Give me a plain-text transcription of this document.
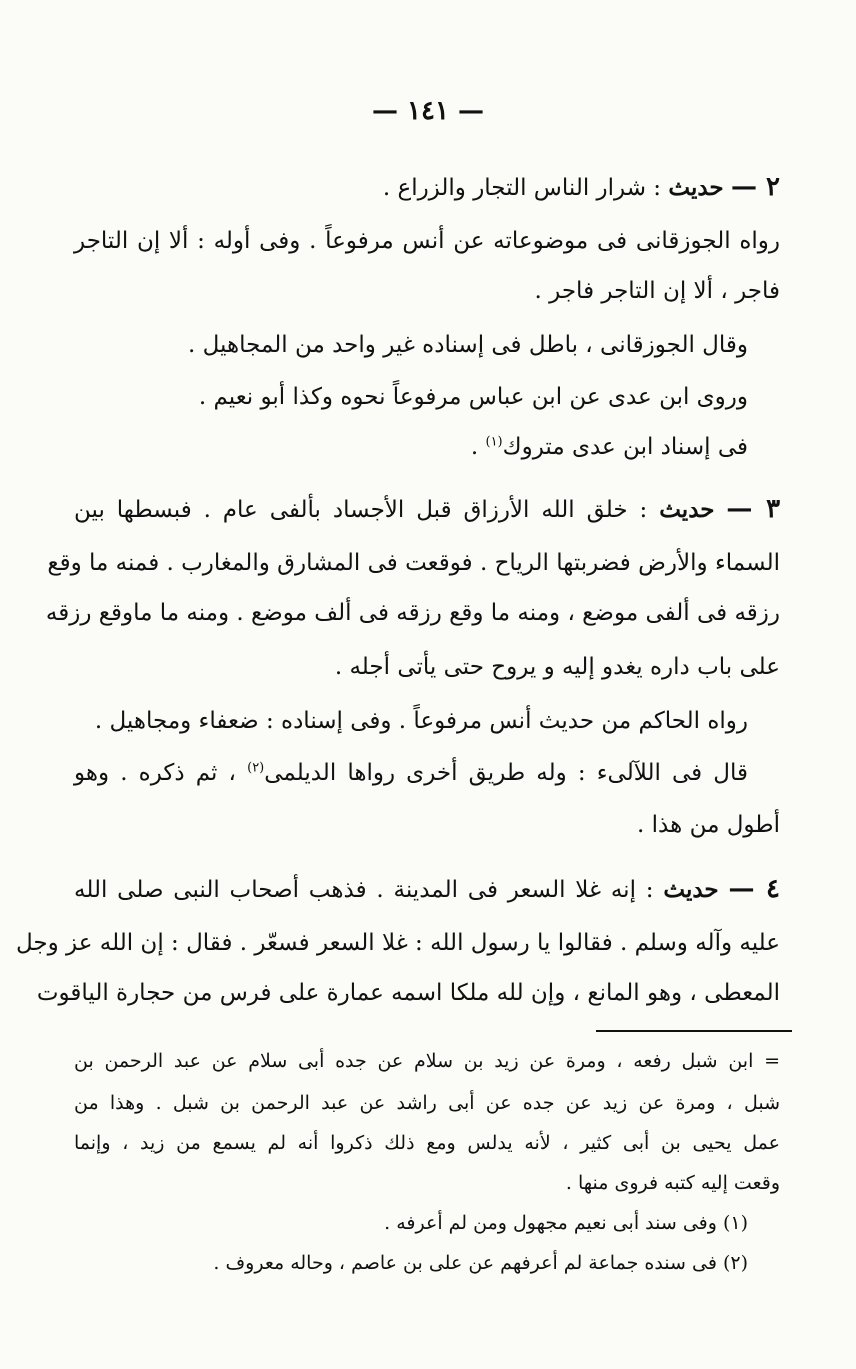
— ١٤١ —
٢ — حديث : شرار الناس التجار والزراع .
رواه الجوزقانى فى موضوعاته عن أنس مرفوعاً . وفى أوله : ألا إن التاجر
فاجر ، ألا إن التاجر فاجر .
وقال الجوزقانى ، باطل فى إسناده غير واحد من المجاهيل .
وروى ابن عدى عن ابن عباس مرفوعاً نحوه وكذا أبو نعيم .
فى إسناد ابن عدى متروك$^{(١)}$ .
٣ — حديث : خلق الله الأرزاق قبل الأجساد بألفى عام . فبسطها بين
السماء والأرض فضربتها الرياح . فوقعت فى المشارق والمغارب . فمنه ما وقع
رزقه فى ألفى موضع ، ومنه ما وقع رزقه فى ألف موضع . ومنه ما ماوقع رزقه
على باب داره يغدو إليه و يروح حتى يأتى أجله .
رواه الحاكم من حديث أنس مرفوعاً . وفى إسناده : ضعفاء ومجاهيل .
قال فى اللآلىء : وله طريق أخرى رواها الديلمى$^{(٢)}$ ، ثم ذكره . وهو
أطول من هذا .
٤ — حديث : إنه غلا السعر فى المدينة . فذهب أصحاب النبى صلى الله
عليه وآله وسلم . فقالوا يا رسول الله : غلا السعر فسعّر . فقال : إن الله عز وجل
المعطى ، وهو المانع ، وإن لله ملكا اسمه عمارة على فرس من حجارة الياقوت
= ابن شبل رفعه ، ومرة عن زيد بن سلام عن جده أبى سلام عن عبد الرحمن بن
شبل ، ومرة عن زيد عن جده عن أبى راشد عن عبد الرحمن بن شبل . وهذا من
عمل يحيى بن أبى كثير ، لأنه يدلس ومع ذلك ذكروا أنه لم يسمع من زيد ، وإنما
وقعت إليه كتبه فروى منها .
(١) وفى سند أبى نعيم مجهول ومن لم أعرفه .
(٢) فى سنده جماعة لم أعرفهم عن على بن عاصم ، وحاله معروف .
